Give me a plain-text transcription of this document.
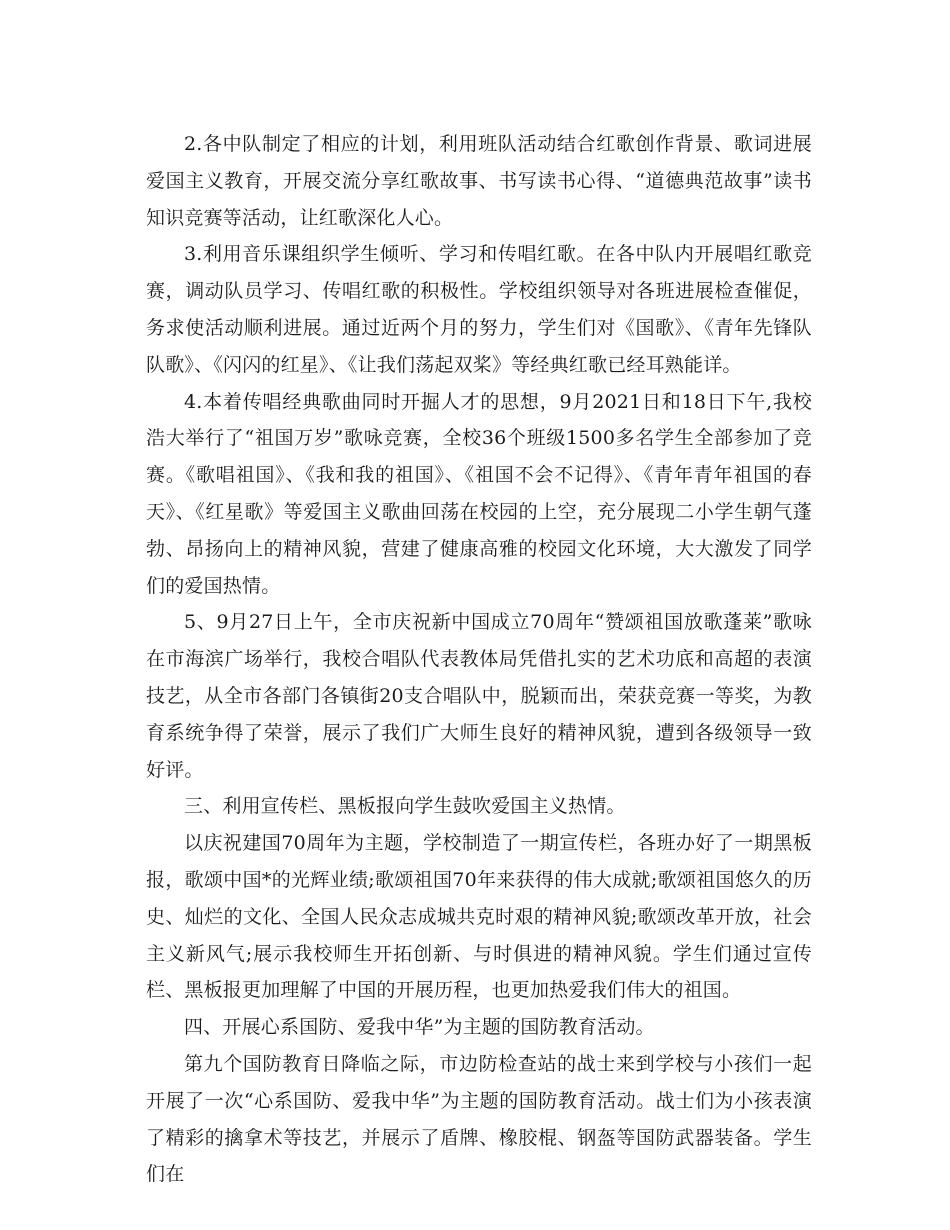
2.各中队制定了相应的计划，利用班队活动结合红歌创作背景、歌词进展爱国主义教育，开展交流分享红歌故事、书写读书心得、“道德典范故事”读书知识竞赛等活动，让红歌深化人心。

3.利用音乐课组织学生倾听、学习和传唱红歌。在各中队内开展唱红歌竞赛，调动队员学习、传唱红歌的积极性。学校组织领导对各班进展检查催促，务求使活动顺利进展。通过近两个月的努力，学生们对《国歌》、《青年先锋队队歌》、《闪闪的红星》、《让我们荡起双桨》等经典红歌已经耳熟能详。

4.本着传唱经典歌曲同时开掘人才的思想，9月2021日和18日下午,我校浩大举行了“祖国万岁”歌咏竞赛，全校36个班级1500多名学生全部参加了竞赛。《歌唱祖国》、《我和我的祖国》、《祖国不会不记得》、《青年青年祖国的春天》、《红星歌》等爱国主义歌曲回荡在校园的上空，充分展现二小学生朝气蓬勃、昂扬向上的精神风貌，营建了健康高雅的校园文化环境，大大激发了同学们的爱国热情。

5、9月27日上午，全市庆祝新中国成立70周年“赞颂祖国放歌蓬莱”歌咏在市海滨广场举行，我校合唱队代表教体局凭借扎实的艺术功底和高超的表演技艺，从全市各部门各镇街20支合唱队中，脱颖而出，荣获竞赛一等奖，为教育系统争得了荣誉，展示了我们广大师生良好的精神风貌，遭到各级领导一致好评。

三、利用宣传栏、黑板报向学生鼓吹爱国主义热情。

以庆祝建国70周年为主题，学校制造了一期宣传栏，各班办好了一期黑板报，歌颂中国*的光辉业绩;歌颂祖国70年来获得的伟大成就;歌颂祖国悠久的历史、灿烂的文化、全国人民众志成城共克时艰的精神风貌;歌颂改革开放，社会主义新风气;展示我校师生开拓创新、与时俱进的精神风貌。学生们通过宣传栏、黑板报更加理解了中国的开展历程，也更加热爱我们伟大的祖国。

四、开展心系国防、爱我中华”为主题的国防教育活动。

第九个国防教育日降临之际，市边防检查站的战士来到学校与小孩们一起开展了一次“心系国防、爱我中华”为主题的国防教育活动。战士们为小孩表演了精彩的擒拿术等技艺，并展示了盾牌、橡胶棍、钢盔等国防武器装备。学生们在
